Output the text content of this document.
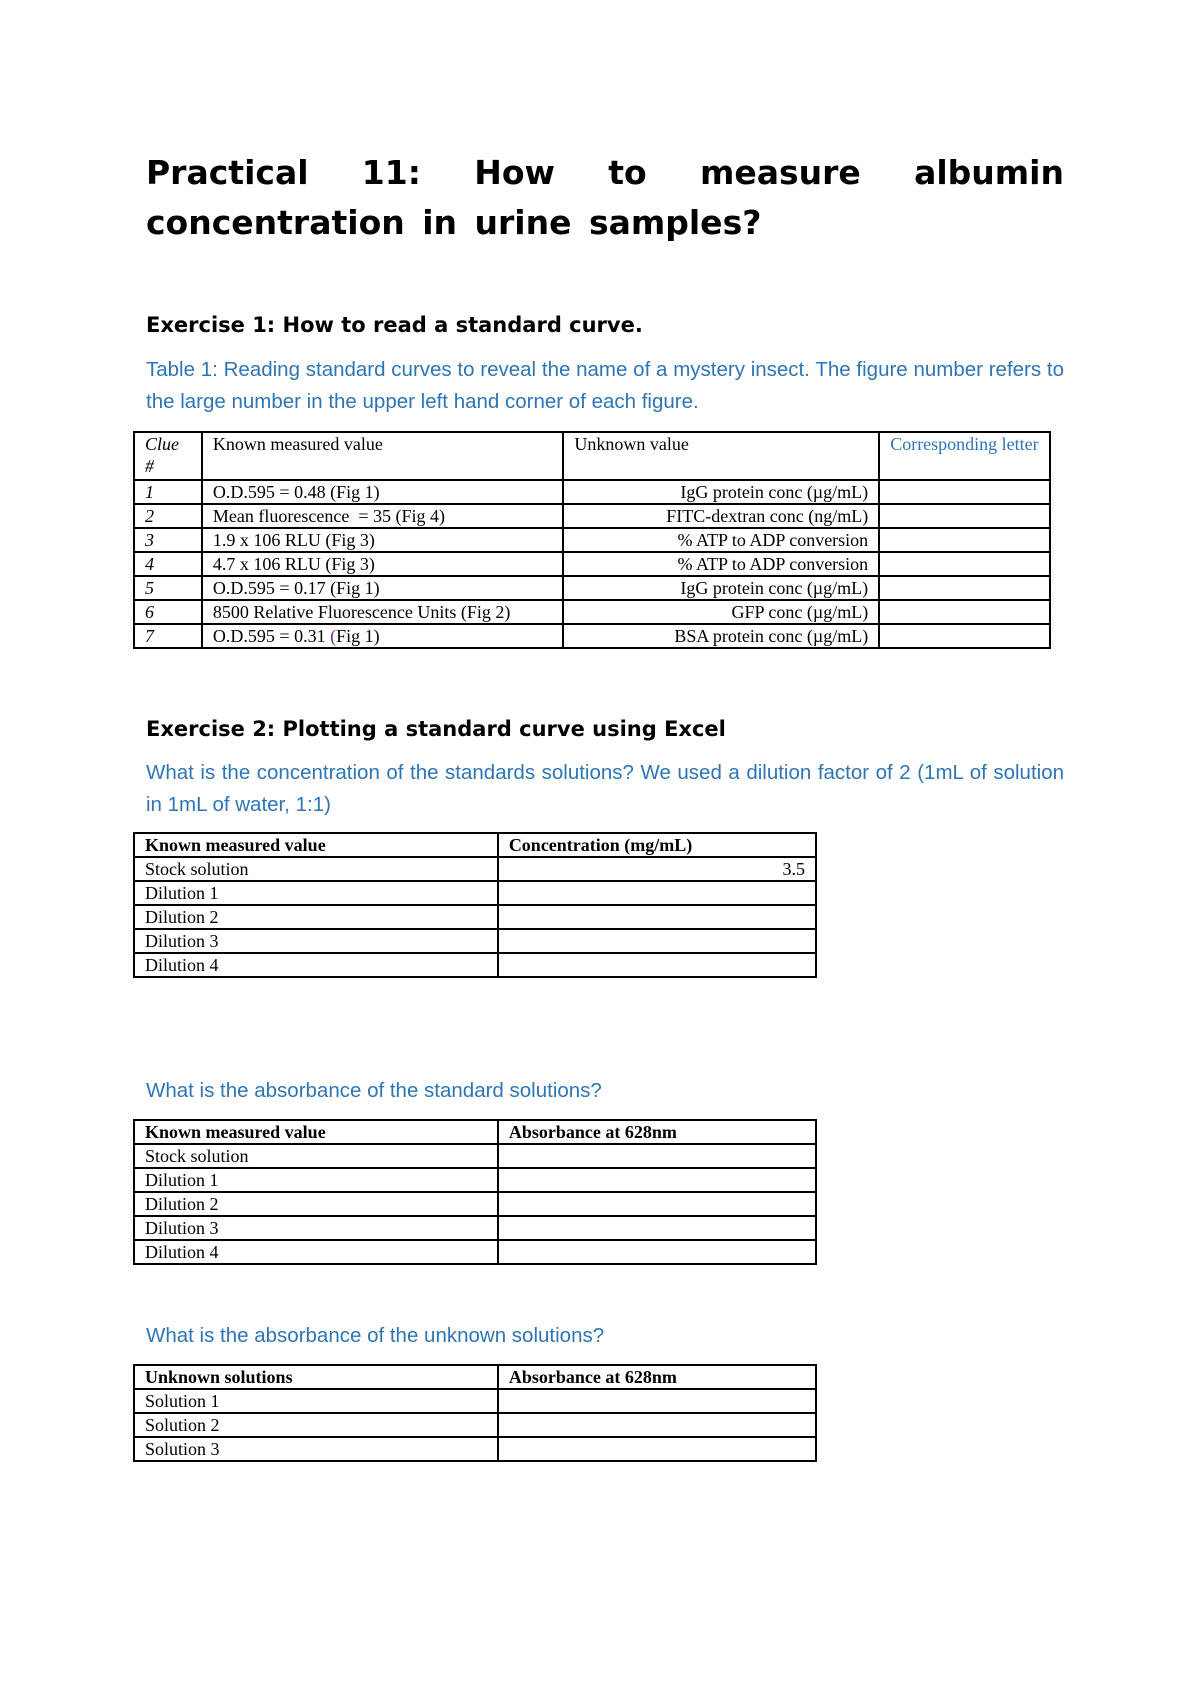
Practical 11: How to measure albumin concentration in urine samples?
Exercise 1: How to read a standard curve.

Table 1: Reading standard curves to reveal the name of a mystery insect. The figure number refers to the large number in the upper left hand corner of each figure.

Clue #	Known measured value	Unknown value	Corresponding letter
1	O.D.595 = 0.48 (Fig 1)	IgG protein conc (µg/mL)	
2	Mean fluorescence  = 35 (Fig 4)	FITC-dextran conc (ng/mL)	
3	1.9 x 106 RLU (Fig 3)	% ATP to ADP conversion	
4	4.7 x 106 RLU (Fig 3)	% ATP to ADP conversion	
5	O.D.595 = 0.17 (Fig 1)	IgG protein conc (µg/mL)	
6	8500 Relative Fluorescence Units (Fig 2)	GFP conc (µg/mL)	
7	O.D.595 = 0.31 (Fig 1)	BSA protein conc (µg/mL)	
Exercise 2: Plotting a standard curve using Excel

What is the concentration of the standards solutions? We used a dilution factor of 2 (1mL of solution in 1mL of water, 1:1)

Known measured value	Concentration (mg/mL)
Stock solution	3.5
Dilution 1	
Dilution 2	
Dilution 3	
Dilution 4	

What is the absorbance of the standard solutions?

Known measured value	Absorbance at 628nm
Stock solution	
Dilution 1	
Dilution 2	
Dilution 3	
Dilution 4	

What is the absorbance of the unknown solutions?

Unknown solutions	Absorbance at 628nm
Solution 1	
Solution 2	
Solution 3	
